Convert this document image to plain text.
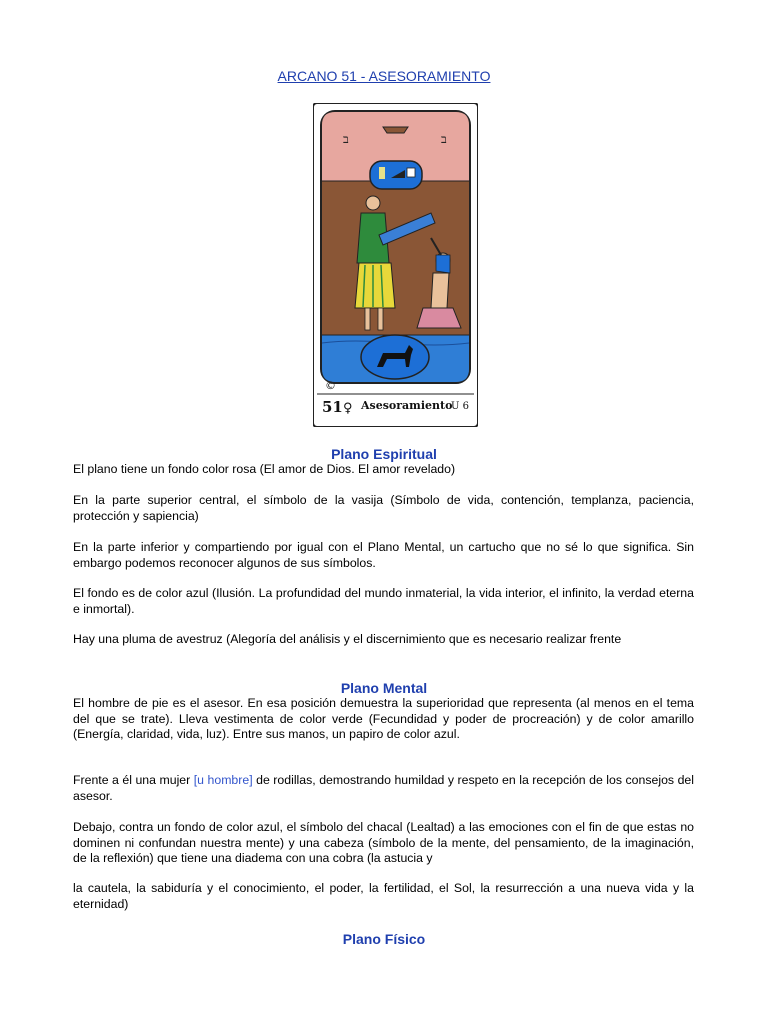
ARCANO 51 - ASESORAMIENTO
ב	ב
©
51 ♀ Asesoramiento
U 6
Plano Espiritual

El plano tiene un fondo color rosa (El amor de Dios. El amor revelado)

En la parte superior central, el símbolo de la vasija (Símbolo de vida, contención, templanza, paciencia, protección y sapiencia)

En la parte inferior y compartiendo por igual con el Plano Mental, un cartucho que no sé lo que significa. Sin embargo podemos reconocer algunos de sus símbolos.

El fondo es de color azul (Ilusión. La profundidad del mundo inmaterial, la vida interior, el infinito, la verdad eterna e inmortal).

Hay una pluma de avestruz (Alegoría del análisis y el discernimiento que es necesario realizar frente

Plano Mental

El hombre de pie es el asesor. En esa posición demuestra la superioridad que representa (al menos en el tema del que se trate). Lleva vestimenta de color verde (Fecundidad y poder de procreación) y de color amarillo (Energía, claridad, vida, luz). Entre sus manos, un papiro de color azul.

Frente a él una mujer [u hombre] de rodillas, demostrando humildad y respeto en la recepción de los consejos del asesor.

Debajo, contra un fondo de color azul, el símbolo del chacal (Lealtad) a las emociones con el fin de que estas no dominen ni confundan nuestra mente) y una cabeza (símbolo de la mente, del pensamiento, de la imaginación, de la reflexión) que tiene una diadema con una cobra (la astucia y

la cautela, la sabiduría y el conocimiento, el poder, la fertilidad, el Sol, la resurrección a una nueva vida y la eternidad)

Plano Físico
